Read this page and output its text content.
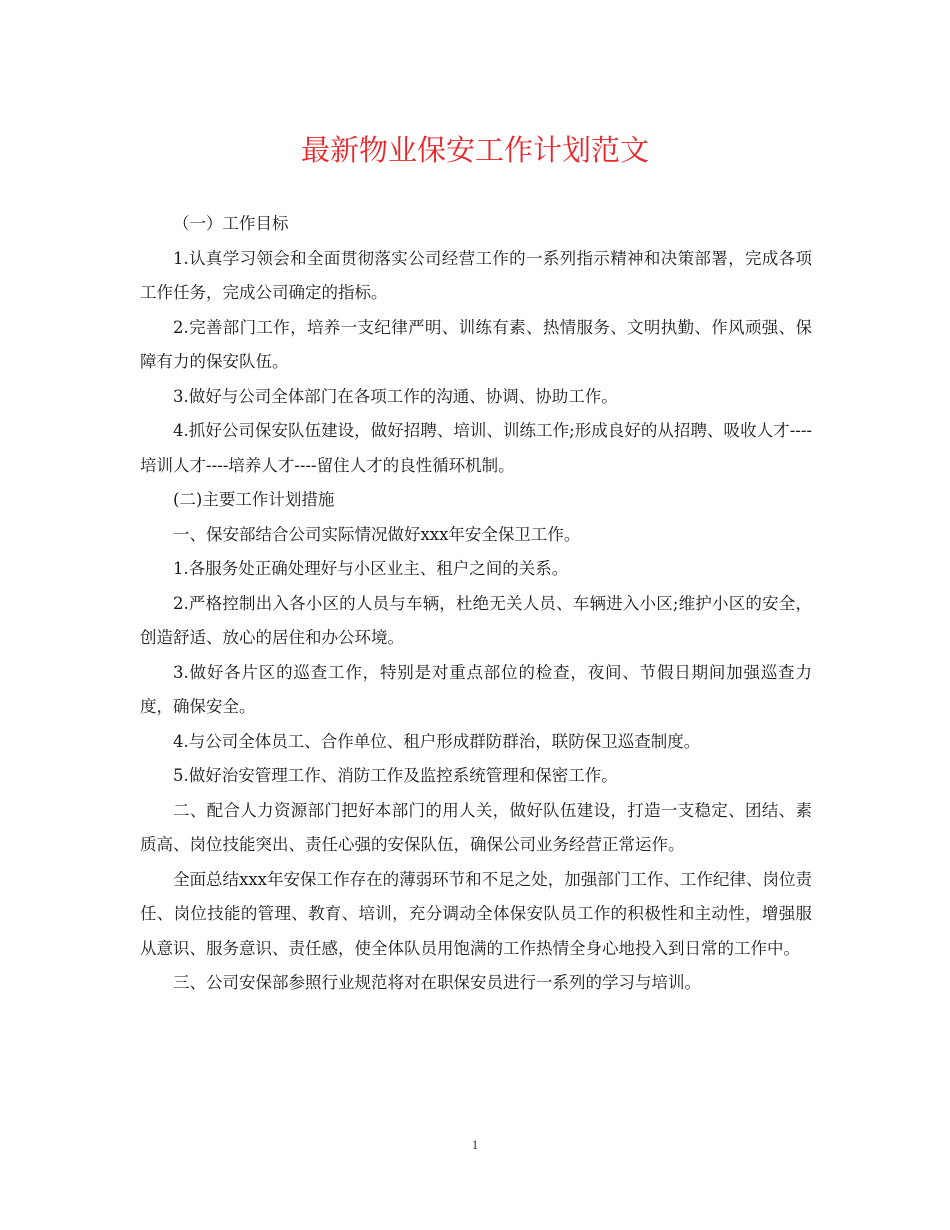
最新物业保安工作计划范文

（一）工作目标

1.认真学习领会和全面贯彻落实公司经营工作的一系列指示精神和决策部署，完成各项工作任务，完成公司确定的指标。

2.完善部门工作，培养一支纪律严明、训练有素、热情服务、文明执勤、作风顽强、保障有力的保安队伍。

3.做好与公司全体部门在各项工作的沟通、协调、协助工作。

4.抓好公司保安队伍建设，做好招聘、培训、训练工作;形成良好的从招聘、吸收人才---- 培训人才----培养人才----留住人才的良性循环机制。

(二)主要工作计划措施

一、保安部结合公司实际情况做好xxx年安全保卫工作。

1.各服务处正确处理好与小区业主、租户之间的关系。

2.严格控制出入各小区的人员与车辆，杜绝无关人员、车辆进入小区;维护小区的安全，创造舒适、放心的居住和办公环境。

3.做好各片区的巡查工作，特别是对重点部位的检查，夜间、节假日期间加强巡查力度，确保安全。

4.与公司全体员工、合作单位、租户形成群防群治，联防保卫巡查制度。

5.做好治安管理工作、消防工作及监控系统管理和保密工作。

二、配合人力资源部门把好本部门的用人关，做好队伍建设，打造一支稳定、团结、素质高、岗位技能突出、责任心强的安保队伍，确保公司业务经营正常运作。

全面总结xxx年安保工作存在的薄弱环节和不足之处，加强部门工作、工作纪律、岗位责任、岗位技能的管理、教育、培训，充分调动全体保安队员工作的积极性和主动性，增强服从意识、服务意识、责任感，使全体队员用饱满的工作热情全身心地投入到日常的工作中。

三、公司安保部参照行业规范将对在职保安员进行一系列的学习与培训。

1
